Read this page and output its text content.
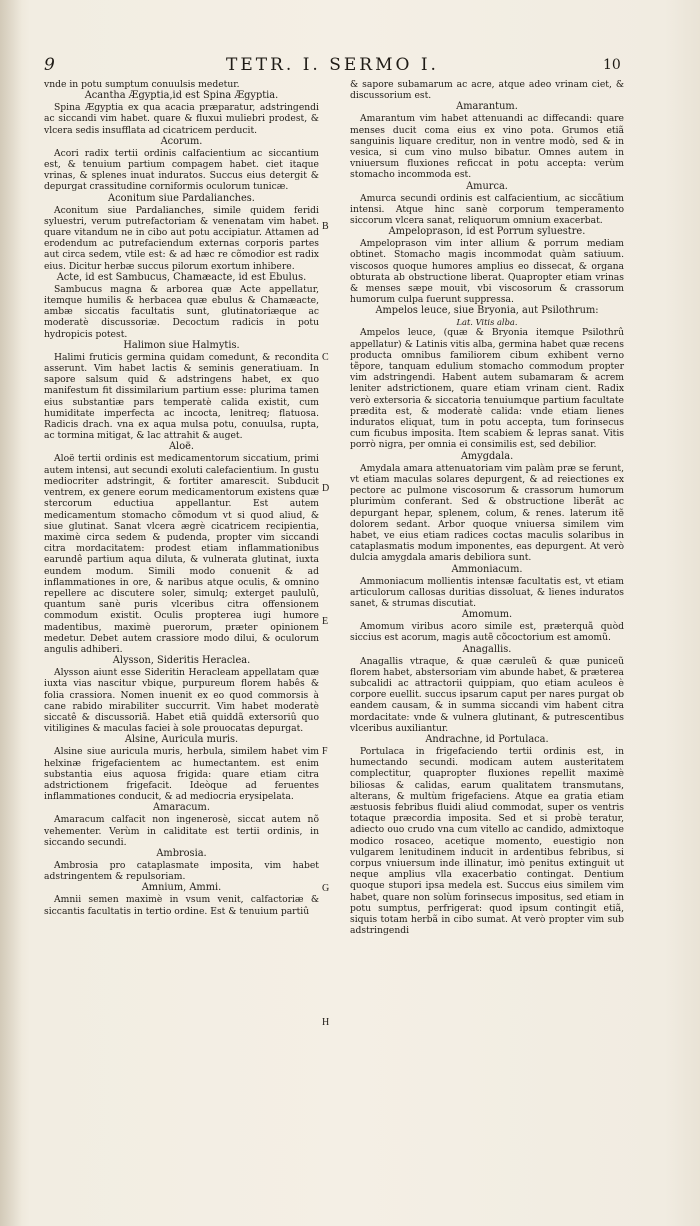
9	TETR. I. SERMO I.	10

vnde in potu sumptum conuulsis medetur.

Acantha Ægyptia,id est Spina Ægyptia.

Spina Ægyptia ex qua acacia præparatur, adstringendi ac siccandi vim habet. quare & fluxui muliebri prodest, & vlcera sedis insufflata ad cicatricem perducit.

Acorum.

Acori radix tertii ordinis calfacientium ac siccantium est, & tenuium partium compagem habet. ciet itaque vrinas, & splenes inuat induratos. Succus eius detergit & depurgat crassitudine corniformis oculorum tunicæ.

Aconitum siue Pardalianches.

Aconitum siue Pardalianches, simile quidem feridi syluestri, verum putrefactoriam & venenatam vim habet. quare vitandum ne in cibo aut potu accipiatur. Attamen ad erodendum ac putrefaciendum externas corporis partes aut circa sedem, vtile est: & ad hæc re cõmodior est radix eius. Dicitur herbæ succus pilorum exortum inhibere.

Acte, id est Sambucus, Chamæacte, id est Ebulus.

Sambucus magna & arborea quæ Acte appellatur, itemque humilis & herbacea quæ ebulus & Chamæacte, ambæ siccatis facultatis sunt, glutinatoriæque ac moderatè discussoriæ. Decoctum radicis in potu hydropicis potest.

Halimon siue Halmytis.

Halimi fruticis germina quidam comedunt, & recondita asserunt. Vim habet lactis & seminis generatiuam. In sapore salsum quid & adstringens habet, ex quo manifestum fit dissimilarium partium esse: plurima tamen eius substantiæ pars temperatè calida existit, cum humiditate imperfecta ac incocta, lenitreq; flatuosa. Radicis drach. vna ex aqua mulsa potu, conuulsa, rupta, ac tormina mitigat, & lac attrahit & auget.

Aloë.

Aloë tertii ordinis est medicamentorum siccatium, primi autem intensi, aut secundi exoluti calefacientium. In gustu mediocriter adstringit, & fortiter amarescit. Subducit ventrem, ex genere eorum medicamentorum existens quæ stercorum eductiua appellantur. Est autem medicamentum stomacho cõmodum vt si quod aliud, & siue glutinat. Sanat vlcera ægrè cicatricem recipientia, maximè circa sedem & pudenda, propter vim siccandi citra mordacitatem: prodest etiam inflammationibus earundê partium aqua diluta, & vulnerata glutinat, iuxta eundem modum. Simili modo conuenit & ad inflammationes in ore, & naribus atque oculis, & omnino repellere ac discutere soler, simulq; exterget paululû, quantum sanè puris vlceribus citra offensionem commodum existit. Oculis propterea iugi humore madentibus, maximè puerorum, præter opinionem medetur. Debet autem crassiore modo dilui, & oculorum angulis adhiberi.

Alysson, Sideritis Heraclea.

Alysson aiunt esse Sideritin Heracleam appellatam quæ iuxta vias nascitur vbique, purpureum florem habês & folia crassiora. Nomen inuenit ex eo quod commorsis à cane rabido mirabiliter succurrit. Vim habet moderatè siccatê & discussoriã. Habet etiã quiddã extersoriû quo vitiligines & maculas faciei à sole prouocatas depurgat.

Alsine, Auricula muris.

Alsine siue auricula muris, herbula, similem habet vim helxinæ frigefacientem ac humectantem. est enim substantia eius aquosa frigida: quare etiam citra adstrictionem frigefacit. Ideòque ad feruentes inflammationes conducit, & ad mediocria erysipelata.

Amaracum.

Amaracum calfacit non ingenerosè, siccat autem nõ vehementer. Verùm in caliditate est tertii ordinis, in siccando secundi.

Ambrosia.

Ambrosia pro cataplasmate imposita, vim habet adstringentem & repulsoriam.

Amnium, Ammi.

Amnii semen maximè in vsum venit, calfactoriæ & siccantis facultatis in tertio ordine. Est & tenuium partiû

& sapore subamarum ac acre, atque adeo vrinam ciet, & discussorium est.

Amarantum.

Amarantum vim habet attenuandi ac diffecandi: quare menses ducit coma eius ex vino pota. Grumos etiã sanguinis liquare creditur, non in ventre modò, sed & in vesica, si cum vino mulso bibatur. Omnes autem in vniuersum fluxiones reficcat in potu accepta: verùm stomacho incommoda est.

Amurca.

Amurca secundi ordinis est calfacientium, ac siccãtium intensi. Atque hinc sanè corporum temperamento siccorum vlcera sanat, reliquorum omnium exacerbat.

Ampeloprason, id est Porrum syluestre.

Ampeloprason vim inter allium & porrum mediam obtinet. Stomacho magis incommodat quàm satiuum. viscosos quoque humores amplius eo dissecat, & organa obturata ab obstructione liberat. Quapropter etiam vrinas & menses sæpe mouit, vbi viscosorum & crassorum humorum culpa fuerunt suppressa.

Ampelos leuce, siue Bryonia, aut Psilothrum:

Lat. Vitis alba.

Ampelos leuce, (quæ & Bryonia itemque Psilothrû appellatur) & Latinis vitis alba, germina habet quæ recens producta omnibus familiorem cibum exhibent verno tẽpore, tanquam edulium stomacho commodum propter vim adstringendi. Habent autem subamaram & acrem leniter adstrictionem, quare etiam vrinam cient. Radix verò extersoria & siccatoria tenuiumque partium facultate prædita est, & moderatè calida: vnde etiam lienes induratos eliquat, tum in potu accepta, tum forinsecus cum ficubus imposita. Item scabiem & lepras sanat. Vitis porrò nigra, per omnia ei consimilis est, sed debilior.

Amygdala.

Amydala amara attenuatoriam vim palàm præ se ferunt, vt etiam maculas solares depurgent, & ad reiectiones ex pectore ac pulmone viscosorum & crassorum humorum plurimùm conferant. Sed & obstructione liberãt ac depurgant hepar, splenem, colum, & renes. laterum itẽ dolorem sedant. Arbor quoque vniuersa similem vim habet, ve eius etiam radices coctas maculis solaribus in cataplasmatis modum imponentes, eas depurgent. At verò dulcia amygdala amaris debiliora sunt.

Ammoniacum.

Ammoniacum mollientis intensæ facultatis est, vt etiam articulorum callosas duritias dissoluat, & lienes induratos sanet, & strumas discutiat.

Amomum.

Amomum viribus acoro simile est, præterquã quòd siccius est acorum, magis autẽ cõcoctorium est amomũ.

Anagallis.

Anagallis vtraque, & quæ cæruleũ & quæ puniceũ florem habet, abstersoriam vim abunde habet, & præterea subcalidi ac attractorii quippiam, quo etiam aculeos è corpore euellit. succus ipsarum caput per nares purgat ob eandem causam, & in summa siccandi vim habent citra mordacitate: vnde & vulnera glutinant, & putrescentibus vlceribus auxiliantur.

Andrachne, id Portulaca.

Portulaca in frigefaciendo tertii ordinis est, in humectando secundi. modicam autem austeritatem complectitur, quapropter fluxiones repellit maximè biliosas & calidas, earum qualitatem transmutans, alterans, & multùm frigefaciens. Atque ea gratia etiam æstuosis febribus fluidi aliud commodat, super os ventris totaque præcordia imposita. Sed et si probè teratur, adiecto ouo crudo vna cum vitello ac candido, admixtoque modico rosaceo, acetique momento, euestigio non vulgarem lenitudinem inducit in ardentibus febribus, si corpus vniuersum inde illinatur, imò penitus extinguit ut neque amplius vlla exacerbatio contingat. Dentium quoque stupori ipsa medela est. Succus eius similem vim habet, quare non solùm forinsecus impositus, sed etiam in potu sumptus, perfrigerat: quod ipsum contingit etiã, siquis totam herbã in cibo sumat. At verò propter vim sub adstringendi

B
C
D
E
F
G
H
